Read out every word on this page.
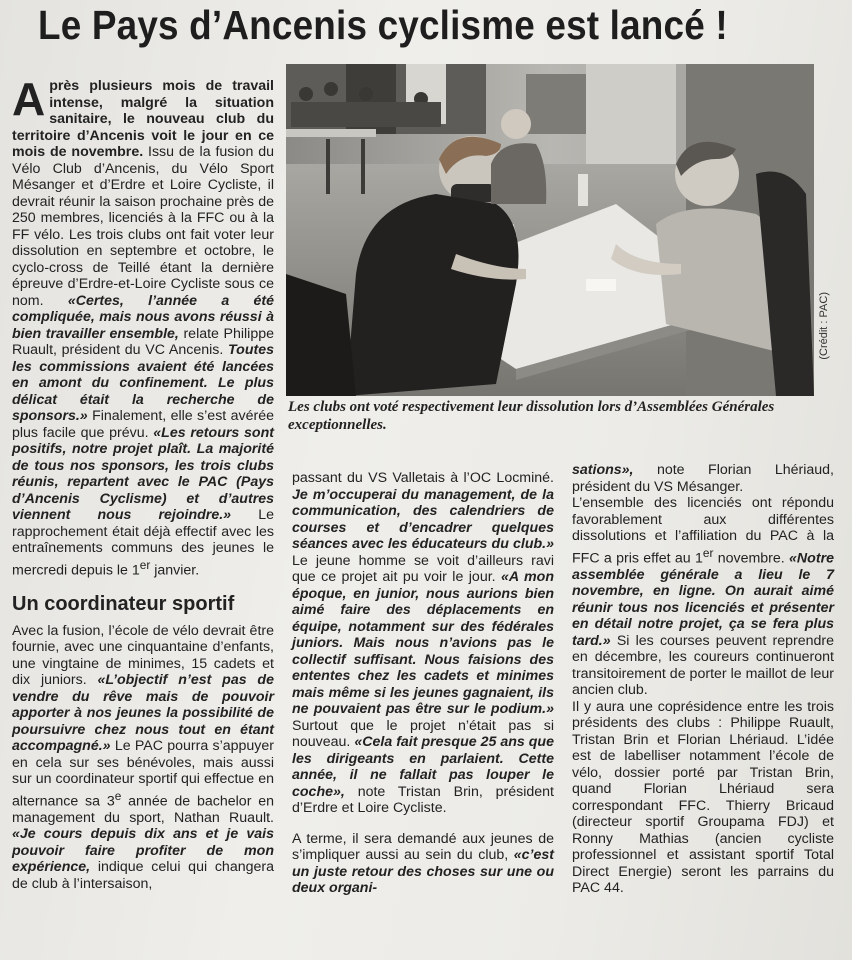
Le Pays d’Ancenis cyclisme est lancé !
(Crédit : PAC)
Les clubs ont voté respectivement leur dissolution lors d’Assemblées Générales exceptionnelles.

Après plusieurs mois de travail intense, malgré la situation sanitaire, le nouveau club du territoire d’Ancenis voit le jour en ce mois de novembre. Issu de la fusion du Vélo Club d’Ancenis, du Vélo Sport Mésanger et d’Erdre et Loire Cycliste, il devrait réunir la saison prochaine près de 250 membres, licenciés à la FFC ou à la FF vélo. Les trois clubs ont fait voter leur dissolution en septembre et octobre, le cyclo-cross de Teillé étant la dernière épreuve d’Erdre-et-Loire Cycliste sous ce nom. «Certes, l’année a été compliquée, mais nous avons réussi à bien travailler ensemble, relate Philippe Ruault, président du VC Ancenis. Toutes les commissions avaient été lancées en amont du confinement. Le plus délicat était la recherche de sponsors.» Finalement, elle s’est avérée plus facile que prévu. «Les retours sont positifs, notre projet plaît. La majorité de tous nos sponsors, les trois clubs réunis, repartent avec le PAC (Pays d’Ancenis Cyclisme) et d’autres viennent nous rejoindre.» Le rapprochement était déjà effectif avec les entraînements communs des jeunes le mercredi depuis le 1er janvier.

Un coordinateur sportif

Avec la fusion, l’école de vélo devrait être fournie, avec une cinquantaine d’enfants, une vingtaine de minimes, 15 cadets et dix juniors. «L’objectif n’est pas de vendre du rêve mais de pouvoir apporter à nos jeunes la possibilité de poursuivre chez nous tout en étant accompagné.» Le PAC pourra s’appuyer en cela sur ses bénévoles, mais aussi sur un coordinateur sportif qui effectue en alternance sa 3e année de bachelor en management du sport, Nathan Ruault. «Je cours depuis dix ans et je vais pouvoir faire profiter de mon expérience, indique celui qui changera de club à l’intersaison,

passant du VS Valletais à l’OC Locminé. Je m’occuperai du management, de la communication, des calendriers de courses et d’encadrer quelques séances avec les éducateurs du club.» Le jeune homme se voit d’ailleurs ravi que ce projet ait pu voir le jour. «A mon époque, en junior, nous aurions bien aimé faire des déplacements en équipe, notamment sur des fédérales juniors. Mais nous n’avions pas le collectif suffisant. Nous faisions des ententes chez les cadets et minimes mais même si les jeunes gagnaient, ils ne pouvaient pas être sur le podium.» Surtout que le projet n’était pas si nouveau. «Cela fait presque 25 ans que les dirigeants en parlaient. Cette année, il ne fallait pas louper le coche», note Tristan Brin, président d’Erdre et Loire Cycliste.

A terme, il sera demandé aux jeunes de s’impliquer aussi au sein du club, «c’est un juste retour des choses sur une ou deux organi-

sations», note Florian Lhériaud, président du VS Mésanger.

L’ensemble des licenciés ont répondu favorablement aux différentes dissolutions et l’affiliation du PAC à la FFC a pris effet au 1er novembre. «Notre assemblée générale a lieu le 7 novembre, en ligne. On aurait aimé réunir tous nos licenciés et présenter en détail notre projet, ça se fera plus tard.» Si les courses peuvent reprendre en décembre, les coureurs continueront transitoirement de porter le maillot de leur ancien club.

Il y aura une coprésidence entre les trois présidents des clubs : Philippe Ruault, Tristan Brin et Florian Lhériaud. L’idée est de labelliser notamment l’école de vélo, dossier porté par Tristan Brin, quand Florian Lhériaud sera correspondant FFC. Thierry Bricaud (directeur sportif Groupama FDJ) et Ronny Mathias (ancien cycliste professionnel et assistant sportif Total Direct Energie) seront les parrains du PAC 44.
